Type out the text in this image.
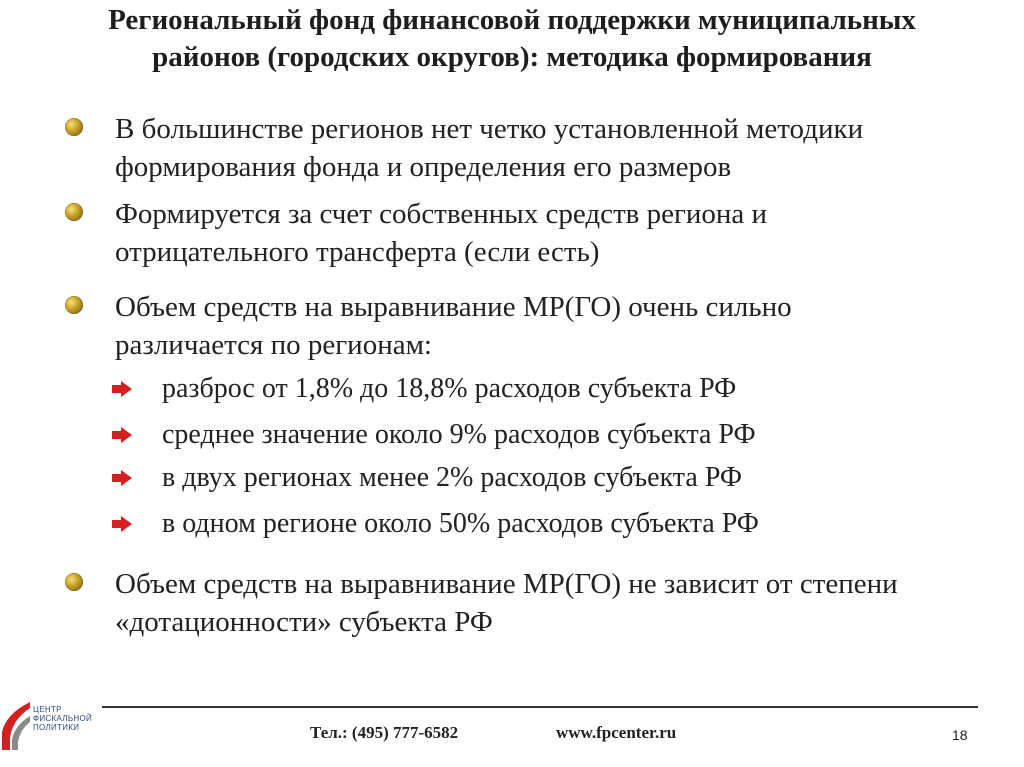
Региональный фонд финансовой поддержки муниципальных
районов (городских округов): методика формирования
В большинстве регионов нет четко установленной методики
формирования фонда и определения его размеров
Формируется за счет собственных средств региона и
отрицательного трансферта (если есть)
Объем средств на выравнивание МР(ГО) очень сильно
различается по регионам:
разброс от 1,8% до 18,8% расходов субъекта РФ
среднее значение около 9% расходов субъекта РФ
в двух регионах менее 2% расходов субъекта РФ
в одном регионе около 50% расходов субъекта РФ
Объем средств на выравнивание МР(ГО) не зависит от степени
«дотационности» субъекта РФ
ЦЕНТР
ФИСКАЛЬНОЙ
ПОЛИТИКИ	Тел.: (495) 777-6582	www.fpcenter.ru	18
